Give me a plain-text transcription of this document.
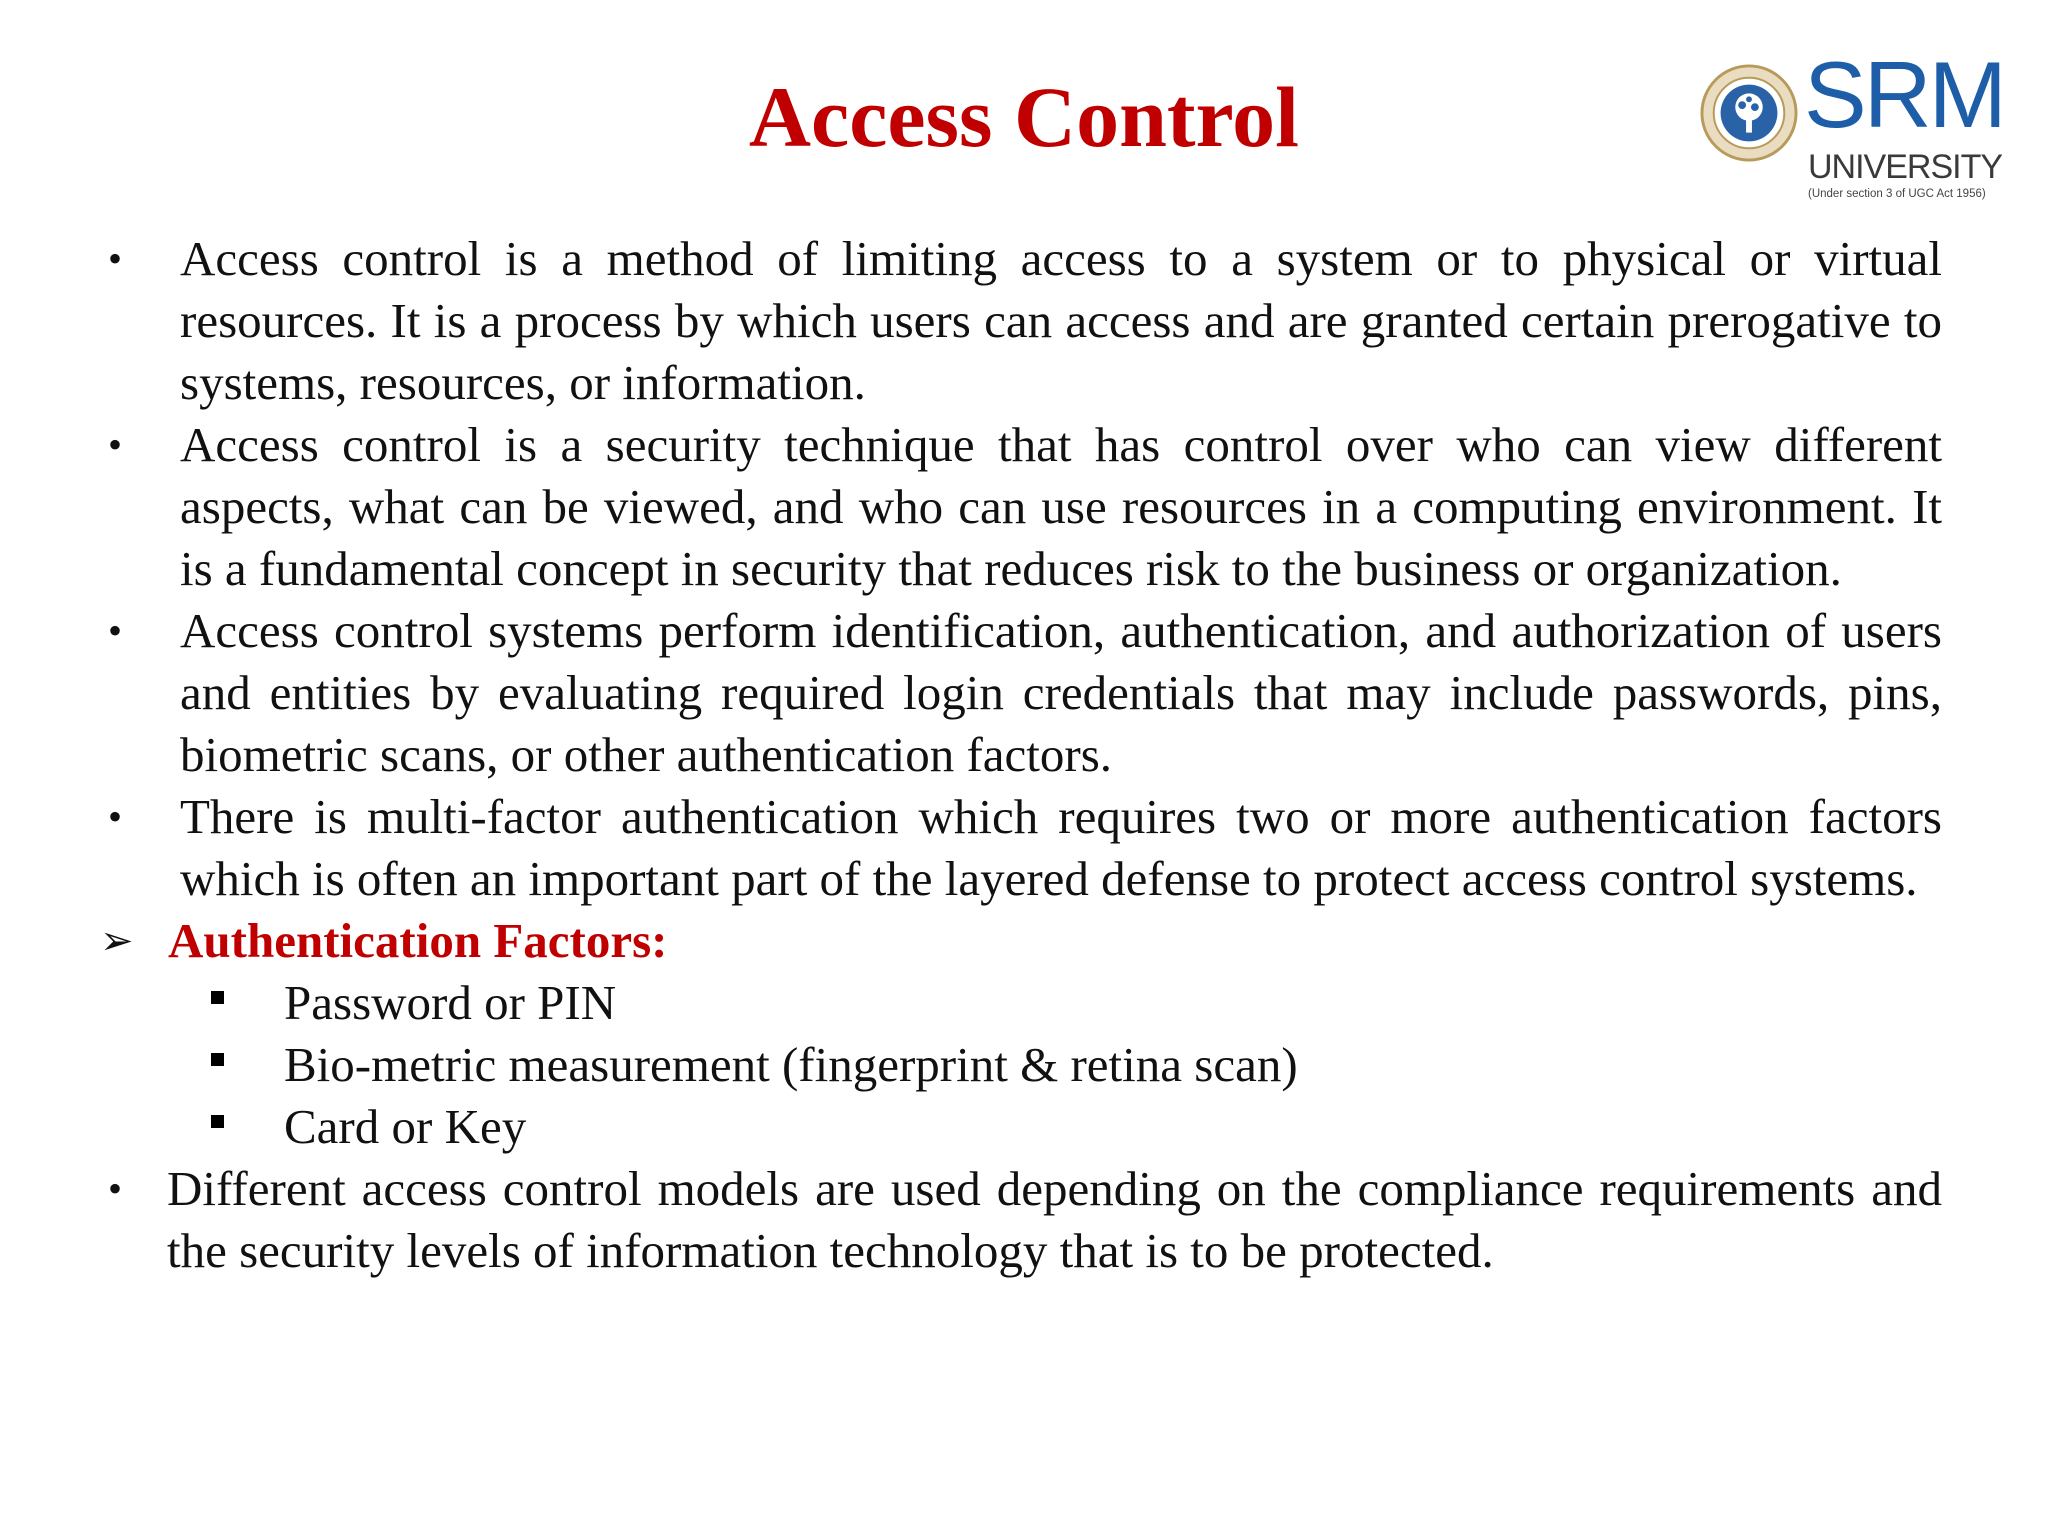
Access Control	SRM
UNIVERSITY
(Under section 3 of UGC Act 1956)
• Access control is a method of limiting access to a system or to physical or virtual resources. It is a process by which users can access and are granted certain prerogative to systems, resources, or information.
• Access control is a security technique that has control over who can view different aspects, what can be viewed, and who can use resources in a computing environment. It is a fundamental concept in security that reduces risk to the business or organization.
• Access control systems perform identification, authentication, and authorization of users and entities by evaluating required login credentials that may include passwords, pins, biometric scans, or other authentication factors.
• There is multi-factor authentication which requires two or more authentication factors which is often an important part of the layered defense to protect access control systems.
➢ Authentication Factors:
Password or PIN
Bio-metric measurement (fingerprint & retina scan)
Card or Key
• Different access control models are used depending on the compliance requirements and the security levels of information technology that is to be protected.
